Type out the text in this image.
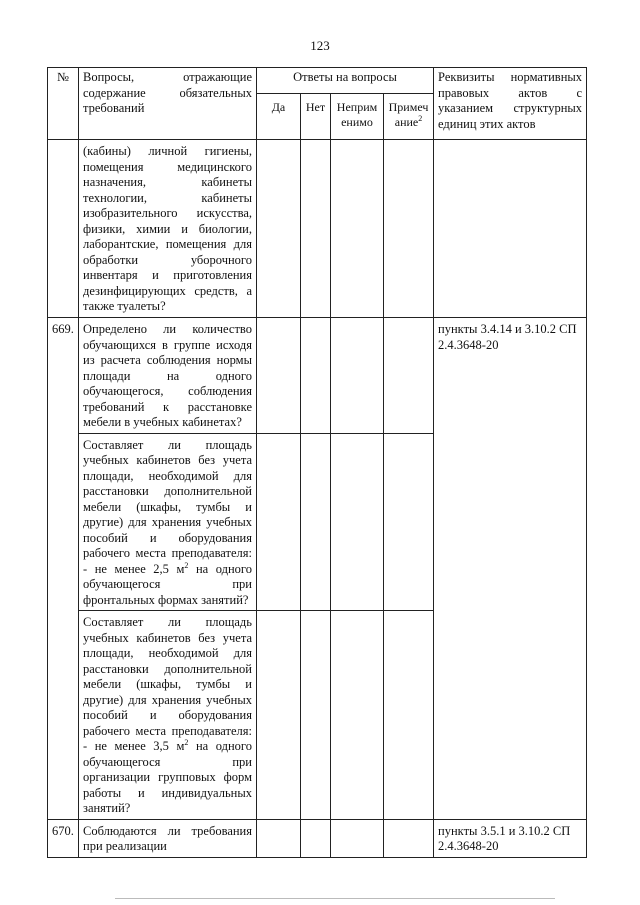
123
№	Вопросы, отражающие содержание обязательных требований	Ответы на вопросы				Реквизиты нормативных правовых актов с указанием структурных единиц этих актов
		Да	Нет	Неприм енимо	Примеч ание$^2$
	(кабины) личной гигиены, помещения медицинского назначения, кабинеты технологии, кабинеты изобразительного искусства, физики, химии и биологии, лаборантские, помещения для обработки уборочного инвентаря и приготовления дезинфицирующих средств, а также туалеты?					
669.	Определено ли количество обучающихся в группе исходя из расчета соблюдения нормы площади на одного обучающегося, соблюдения требований к расстановке мебели в учебных кабинетах?					пункты 3.4.14 и 3.10.2 СП 2.4.3648-20
	Составляет ли площадь учебных кабинетов без учета площади, необходимой для расстановки дополнительной мебели (шкафы, тумбы и другие) для хранения учебных пособий и оборудования рабочего места преподавателя: - не менее 2,5 $м^2$ на одного обучающегося при фронтальных формах занятий?					
	Составляет ли площадь учебных кабинетов без учета площади, необходимой для расстановки дополнительной мебели (шкафы, тумбы и другие) для хранения учебных пособий и оборудования рабочего места преподавателя: - не менее 3,5 $м^2$ на одного обучающегося при организации групповых форм работы и индивидуальных занятий?					
670.	Соблюдаются ли требования при реализации					пункты 3.5.1 и 3.10.2 СП 2.4.3648-20
